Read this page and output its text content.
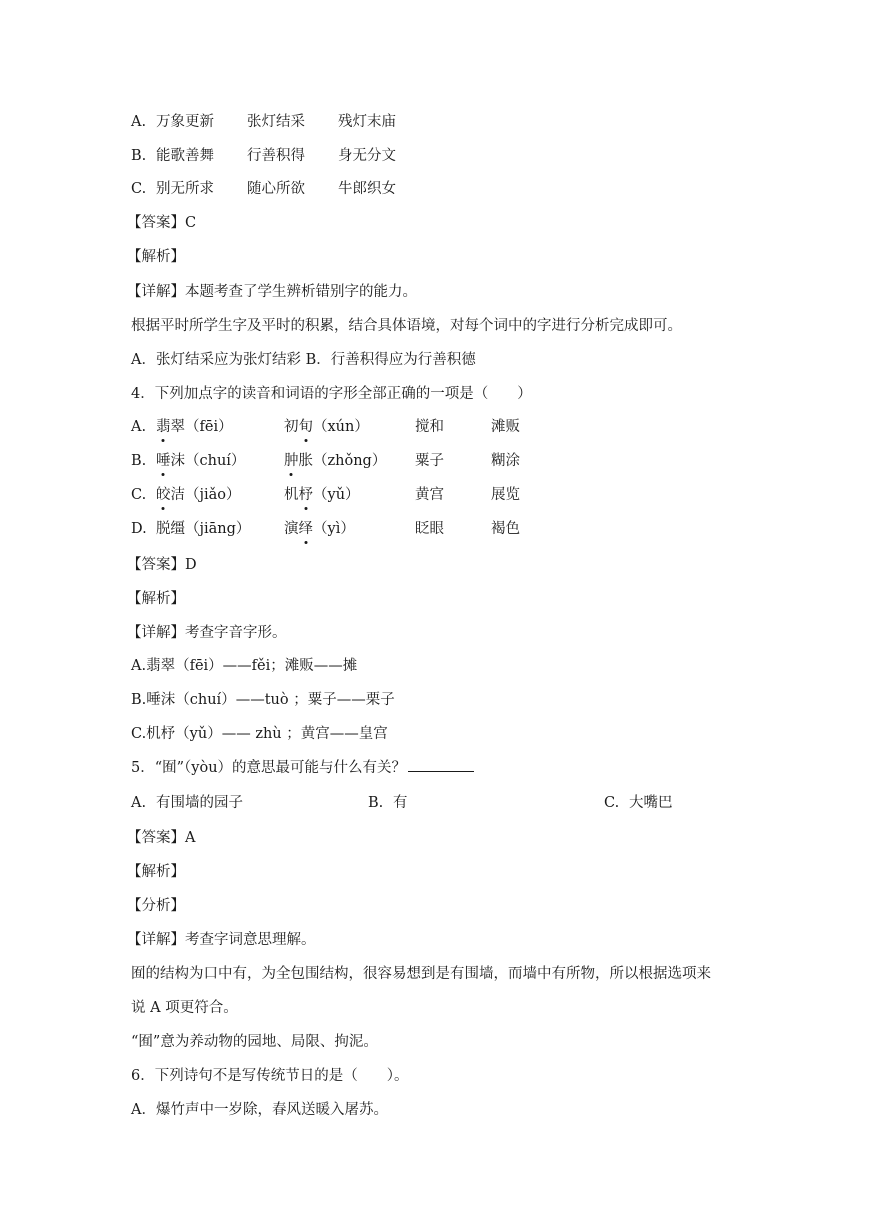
A. 万象更新 张灯结采 残灯末庙
B. 能歌善舞 行善积得 身无分文
C. 别无所求 随心所欲 牛郎织女
【答案】C
【解析】
【详解】本题考查了学生辨析错别字的能力。
根据平时所学生字及平时的积累，结合具体语境，对每个词中的字进行分析完成即可。
A．张灯结采应为张灯结彩 B．行善积得应为行善积德
4．下列加点字的读音和词语的字形全部正确的一项是（　　）
A. 翡翠（fēi）	初旬（xún）	搅和	滩贩
B. 唾沫（chuí）	肿胀（zhǒng） 粟子	糊涂
C. 皎洁（jiǎo）	机杼（yǔ）	黄宫	展览
D. 脱缰（jiāng） 演绎（yì）	眨眼	褐色
【答案】D
【解析】
【详解】考查字音字形。
A.翡翠（fēi）——fěi；滩贩——摊
B.唾沫（chuí）——tuò ；粟子——栗子
C.机杼（yǔ）—— zhù ；黄宫——皇宫
5．“囿”（yòu）的意思最可能与什么有关？
A. 有围墙的园子	B. 有	C. 大嘴巴
【答案】A
【解析】
【分析】
【详解】考查字词意思理解。
囿的结构为口中有，为全包围结构，很容易想到是有围墙，而墙中有所物，所以根据选项来
说 A 项更符合。
“囿”意为养动物的园地、局限、拘泥。
6．下列诗句不是写传统节日的是（　　）。
A．爆竹声中一岁除，春风送暖入屠苏。
